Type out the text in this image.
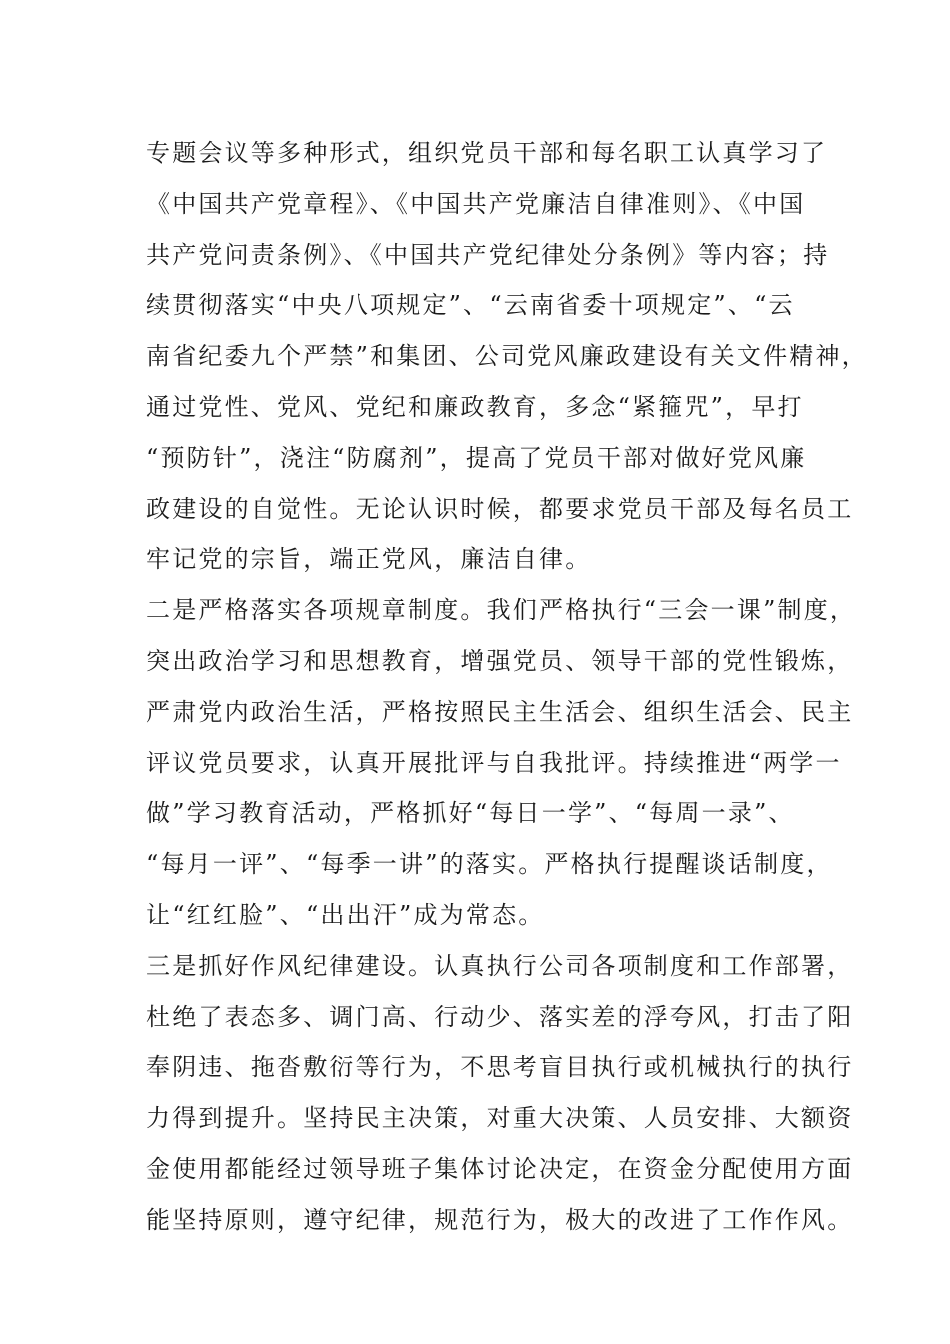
专题会议等多种形式，组织党员干部和每名职工认真学习了
《中国共产党章程》、《中国共产党廉洁自律准则》、《中国
共产党问责条例》、《中国共产党纪律处分条例》等内容；持
续贯彻落实“中央八项规定”、“云南省委十项规定”、“云
南省纪委九个严禁”和集团、公司党风廉政建设有关文件精神，
通过党性、党风、党纪和廉政教育，多念“紧箍咒”，早打
“预防针”，浇注“防腐剂”，提高了党员干部对做好党风廉
政建设的自觉性。无论认识时候，都要求党员干部及每名员工
牢记党的宗旨，端正党风，廉洁自律。
二是严格落实各项规章制度。我们严格执行“三会一课”制度，
突出政治学习和思想教育，增强党员、领导干部的党性锻炼，
严肃党内政治生活，严格按照民主生活会、组织生活会、民主
评议党员要求，认真开展批评与自我批评。持续推进“两学一
做”学习教育活动，严格抓好“每日一学”、“每周一录”、
“每月一评”、“每季一讲”的落实。严格执行提醒谈话制度，
让“红红脸”、“出出汗”成为常态。
三是抓好作风纪律建设。认真执行公司各项制度和工作部署，
杜绝了表态多、调门高、行动少、落实差的浮夸风，打击了阳
奉阴违、拖沓敷衍等行为，不思考盲目执行或机械执行的执行
力得到提升。坚持民主决策，对重大决策、人员安排、大额资
金使用都能经过领导班子集体讨论决定，在资金分配使用方面
能坚持原则，遵守纪律，规范行为，极大的改进了工作作风。
